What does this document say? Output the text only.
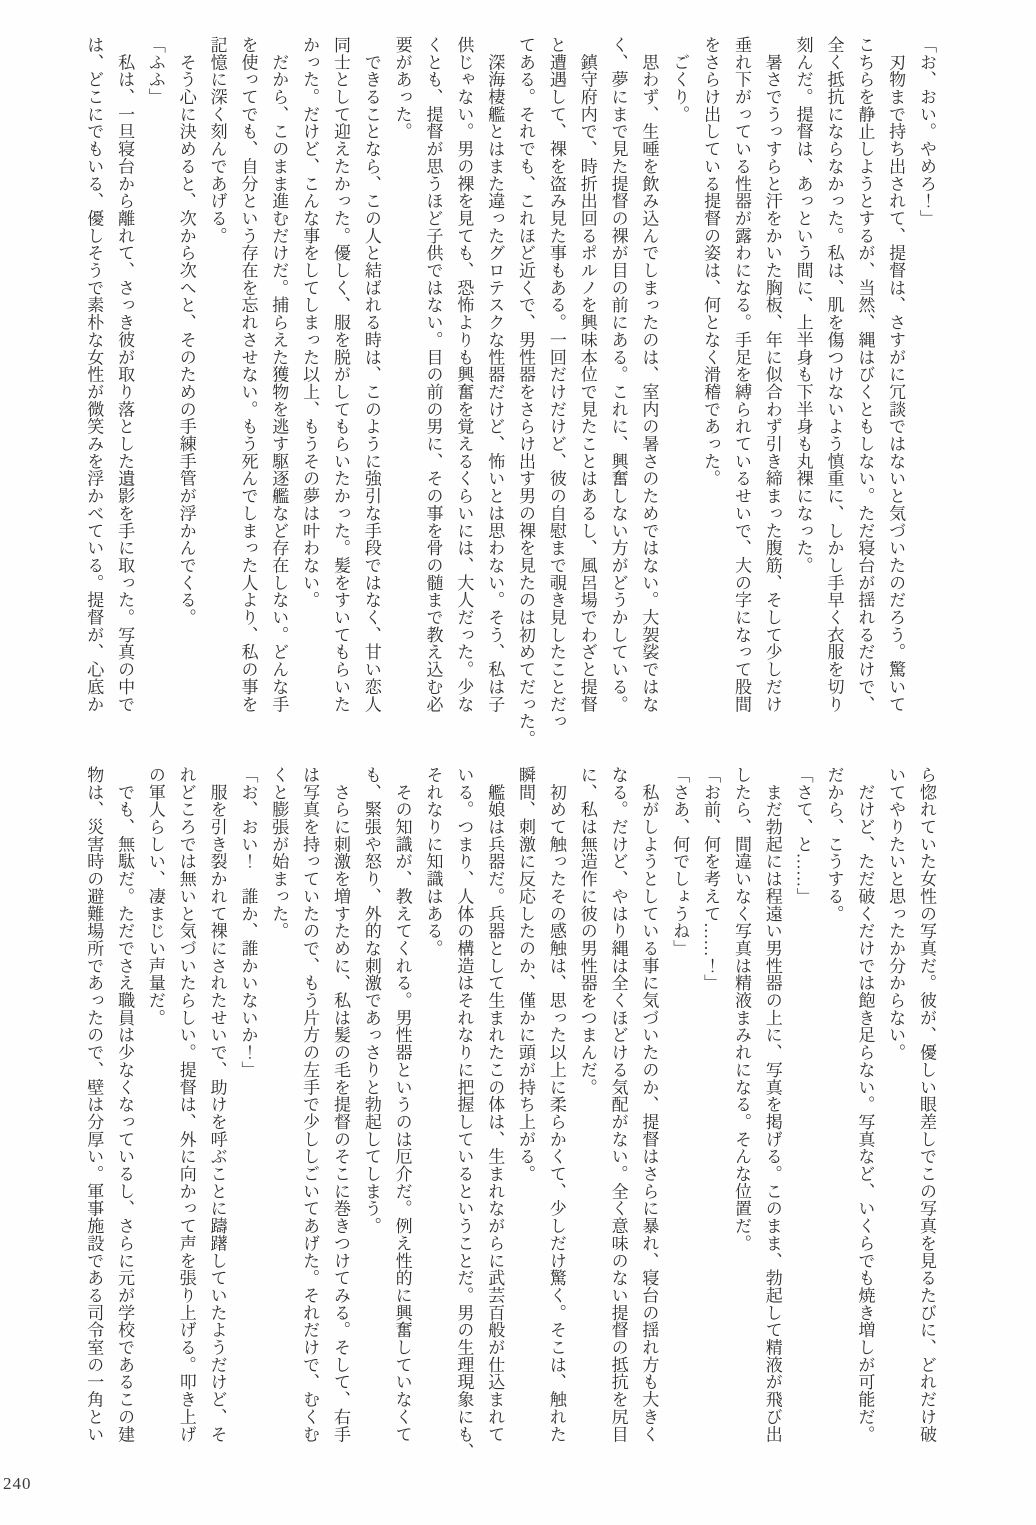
「お、おい。やめろ！」

　刃物まで持ち出されて、提督は、さすがに冗談ではないと気づいたのだろう。驚いて

こちらを静止しようとするが、当然、縄はびくともしない。ただ寝台が揺れるだけで、

全く抵抗にならなかった。私は、肌を傷つけないよう慎重に、しかし手早く衣服を切り

刻んだ。提督は、あっという間に、上半身も下半身も丸裸になった。

　暑さでうっすらと汗をかいた胸板、年に似合わず引き締まった腹筋、そして少しだけ

垂れ下がっている性器が露わになる。手足を縛られているせいで、大の字になって股間

をさらけ出している提督の姿は、何となく滑稽であった。

　ごくり。

　思わず、生唾を飲み込んでしまったのは、室内の暑さのためではない。大袈裟ではな

く、夢にまで見た提督の裸が目の前にある。これに、興奮しない方がどうかしている。

　鎮守府内で、時折出回るポルノを興味本位で見たことはあるし、風呂場でわざと提督

と遭遇して、裸を盗み見た事もある。一回だけだけど、彼の自慰まで覗き見したことだっ

てある。それでも、これほど近くで、男性器をさらけ出す男の裸を見たのは初めてだった。

　深海棲艦とはまた違ったグロテスクな性器だけど、怖いとは思わない。そう、私は子

供じゃない。男の裸を見ても、恐怖よりも興奮を覚えるくらいには、大人だった。少な

くとも、提督が思うほど子供ではない。目の前の男に、その事を骨の髄まで教え込む必

要があった。

　できることなら、この人と結ばれる時は、このように強引な手段ではなく、甘い恋人

同士として迎えたかった。優しく、服を脱がしてもらいたかった。髪をすいてもらいた

かった。だけど、こんな事をしてしまった以上、もうその夢は叶わない。

　だから、このまま進むだけだ。捕らえた獲物を逃す駆逐艦など存在しない。どんな手

を使ってでも、自分という存在を忘れさせない。もう死んでしまった人より、私の事を

記憶に深く刻んであげる。

　そう心に決めると、次から次へと、そのための手練手管が浮かんでくる。

「ふふ」

　私は、一旦寝台から離れて、さっき彼が取り落とした遺影を手に取った。写真の中で

は、どこにでもいる、優しそうで素朴な女性が微笑みを浮かべている。提督が、心底か

ら惚れていた女性の写真だ。彼が、優しい眼差しでこの写真を見るたびに、どれだけ破

いてやりたいと思ったか分からない。

　だけど、ただ破くだけでは飽き足らない。写真など、いくらでも焼き増しが可能だ。

だから、こうする。

「さて、と……」

　まだ勃起には程遠い男性器の上に、写真を掲げる。このまま、勃起して精液が飛び出

したら、間違いなく写真は精液まみれになる。そんな位置だ。

「お前、何を考えて……！」

「さあ、何でしょうね」

　私がしようとしている事に気づいたのか、提督はさらに暴れ、寝台の揺れ方も大きく

なる。だけど、やはり縄は全くほどける気配がない。全く意味のない提督の抵抗を尻目

に、私は無造作に彼の男性器をつまんだ。

　初めて触ったその感触は、思った以上に柔らかくて、少しだけ驚く。そこは、触れた

瞬間、刺激に反応したのか、僅かに頭が持ち上がる。

　艦娘は兵器だ。兵器として生まれたこの体は、生まれながらに武芸百般が仕込まれて

いる。つまり、人体の構造はそれなりに把握しているということだ。男の生理現象にも、

それなりに知識はある。

　その知識が、教えてくれる。男性器というのは厄介だ。例え性的に興奮していなくて

も、緊張や怒り、外的な刺激であっさりと勃起してしまう。

　さらに刺激を増すために、私は髪の毛を提督のそこに巻きつけてみる。そして、右手

は写真を持っていたので、もう片方の左手で少ししごいてあげた。それだけで、むくむ

くと膨張が始まった。

「お、おい！　誰か、誰かいないか！」

　服を引き裂かれて裸にされたせいで、助けを呼ぶことに躊躇していたようだけど、そ

れどころでは無いと気づいたらしい。提督は、外に向かって声を張り上げる。叩き上げ

の軍人らしい、凄まじい声量だ。

　でも、無駄だ。ただでさえ職員は少なくなっているし、さらに元が学校であるこの建

物は、災害時の避難場所であったので、壁は分厚い。軍事施設である司令室の一角とい

240
